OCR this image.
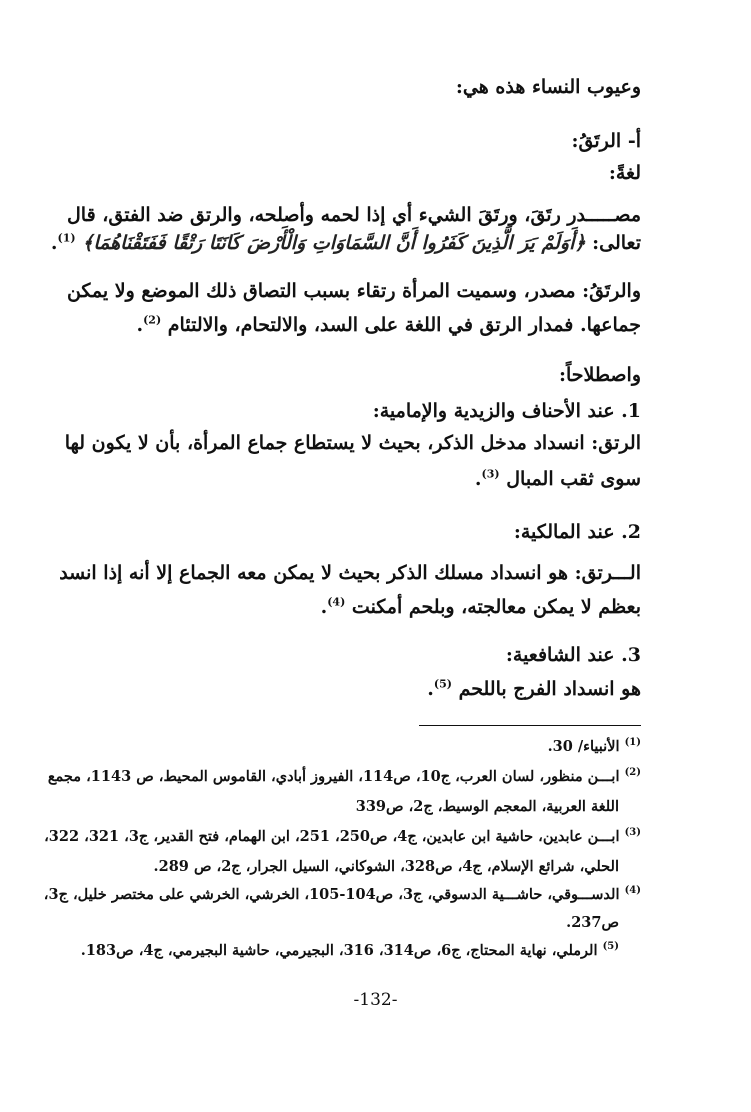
وعيوب النساء هذه هي:
أ- الرتَقُ:
لغةً:
مصـــــدر رتَقَ، ورتَقَ الشيء أي إذا لحمه وأصلحه، والرتق ضد الفتق، قال
تعالى: ﴿أَوَلَمْ يَرَ الَّذِينَ كَفَرُوا أَنَّ السَّمَاوَاتِ وَالْأَرْضَ كَانَتَا رَتْقًا فَفَتَقْنَاهُمَا﴾ $^{(1)}$.
والرتَقُ: مصدر، وسميت المرأة رتقاء بسبب التصاق ذلك الموضع ولا يمكن
جماعها. فمدار الرتق في اللغة على السد، والالتحام، والالتئام $^{(2)}$.
واصطلاحاً:
1. عند الأحناف والزيدية والإمامية:
الرتق: انسداد مدخل الذكر، بحيث لا يستطاع جماع المرأة، بأن لا يكون لها
سوى ثقب المبال $^{(3)}$.
2. عند المالكية:
الـــرتق: هو انسداد مسلك الذكر بحيث لا يمكن معه الجماع إلا أنه إذا انسد
بعظم لا يمكن معالجته، وبلحم أمكنت $^{(4)}$.
3. عند الشافعية:
هو انسداد الفرج باللحم $^{(5)}$.
$^{(1)}$ الأنبياء/ 30.
$^{(2)}$ ابـــن منظور، لسان العرب، ج10، ص114، الفيروز أبادي، القاموس المحيط، ص 1143، مجمع
اللغة العربية، المعجم الوسيط، ج2، ص339
$^{(3)}$ ابـــن عابدين، حاشية ابن عابدين، ج4، ص250، 251، ابن الهمام، فتح القدير، ج3، 321، 322،
الحلي، شرائع الإسلام، ج4، ص328، الشوكاني، السيل الجرار، ج2، ص 289.
$^{(4)}$ الدســـوقي، حاشـــية الدسوقي، ج3، ص104-105، الخرشي، الخرشي على مختصر خليل، ج3،
ص237.
$^{(5)}$ الرملي، نهاية المحتاج، ج6، ص314، 316، البجيرمي، حاشية البجيرمي، ج4، ص183.
-132-
